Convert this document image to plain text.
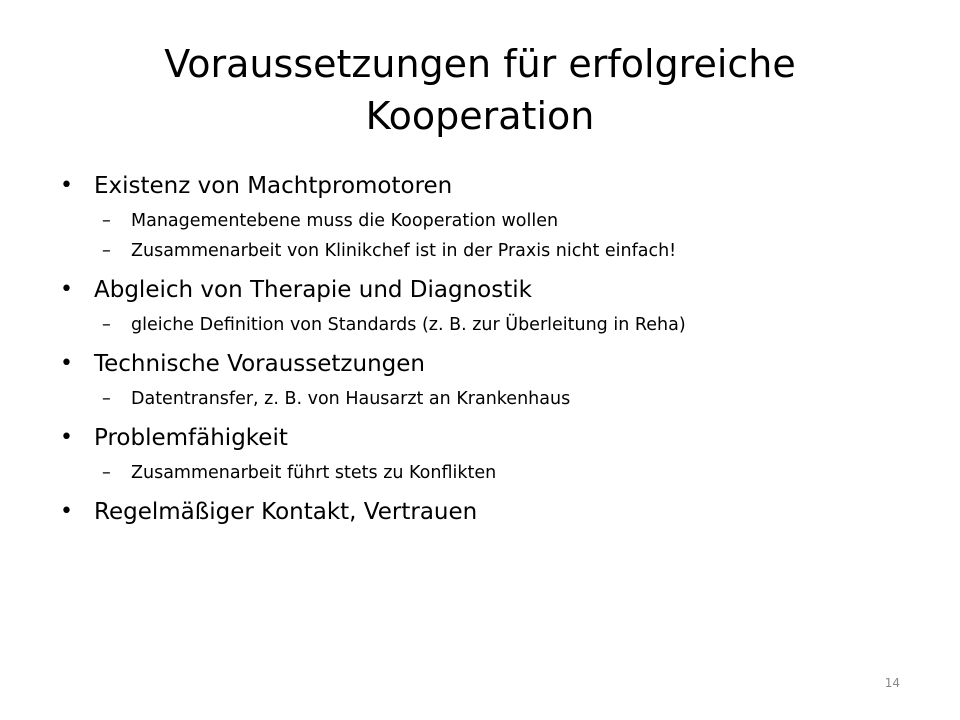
Voraussetzungen für erfolgreiche
Kooperation
• Existenz von Machtpromotoren
–	Managementebene muss die Kooperation wollen
–	Zusammenarbeit von Klinikchef ist in der Praxis nicht einfach!
• Abgleich von Therapie und Diagnostik
–	gleiche Definition von Standards (z. B. zur Überleitung in Reha)
• Technische Voraussetzungen
–	Datentransfer, z. B. von Hausarzt an Krankenhaus
• Problemfähigkeit
–	Zusammenarbeit führt stets zu Konflikten
• Regelmäßiger Kontakt, Vertrauen
14
